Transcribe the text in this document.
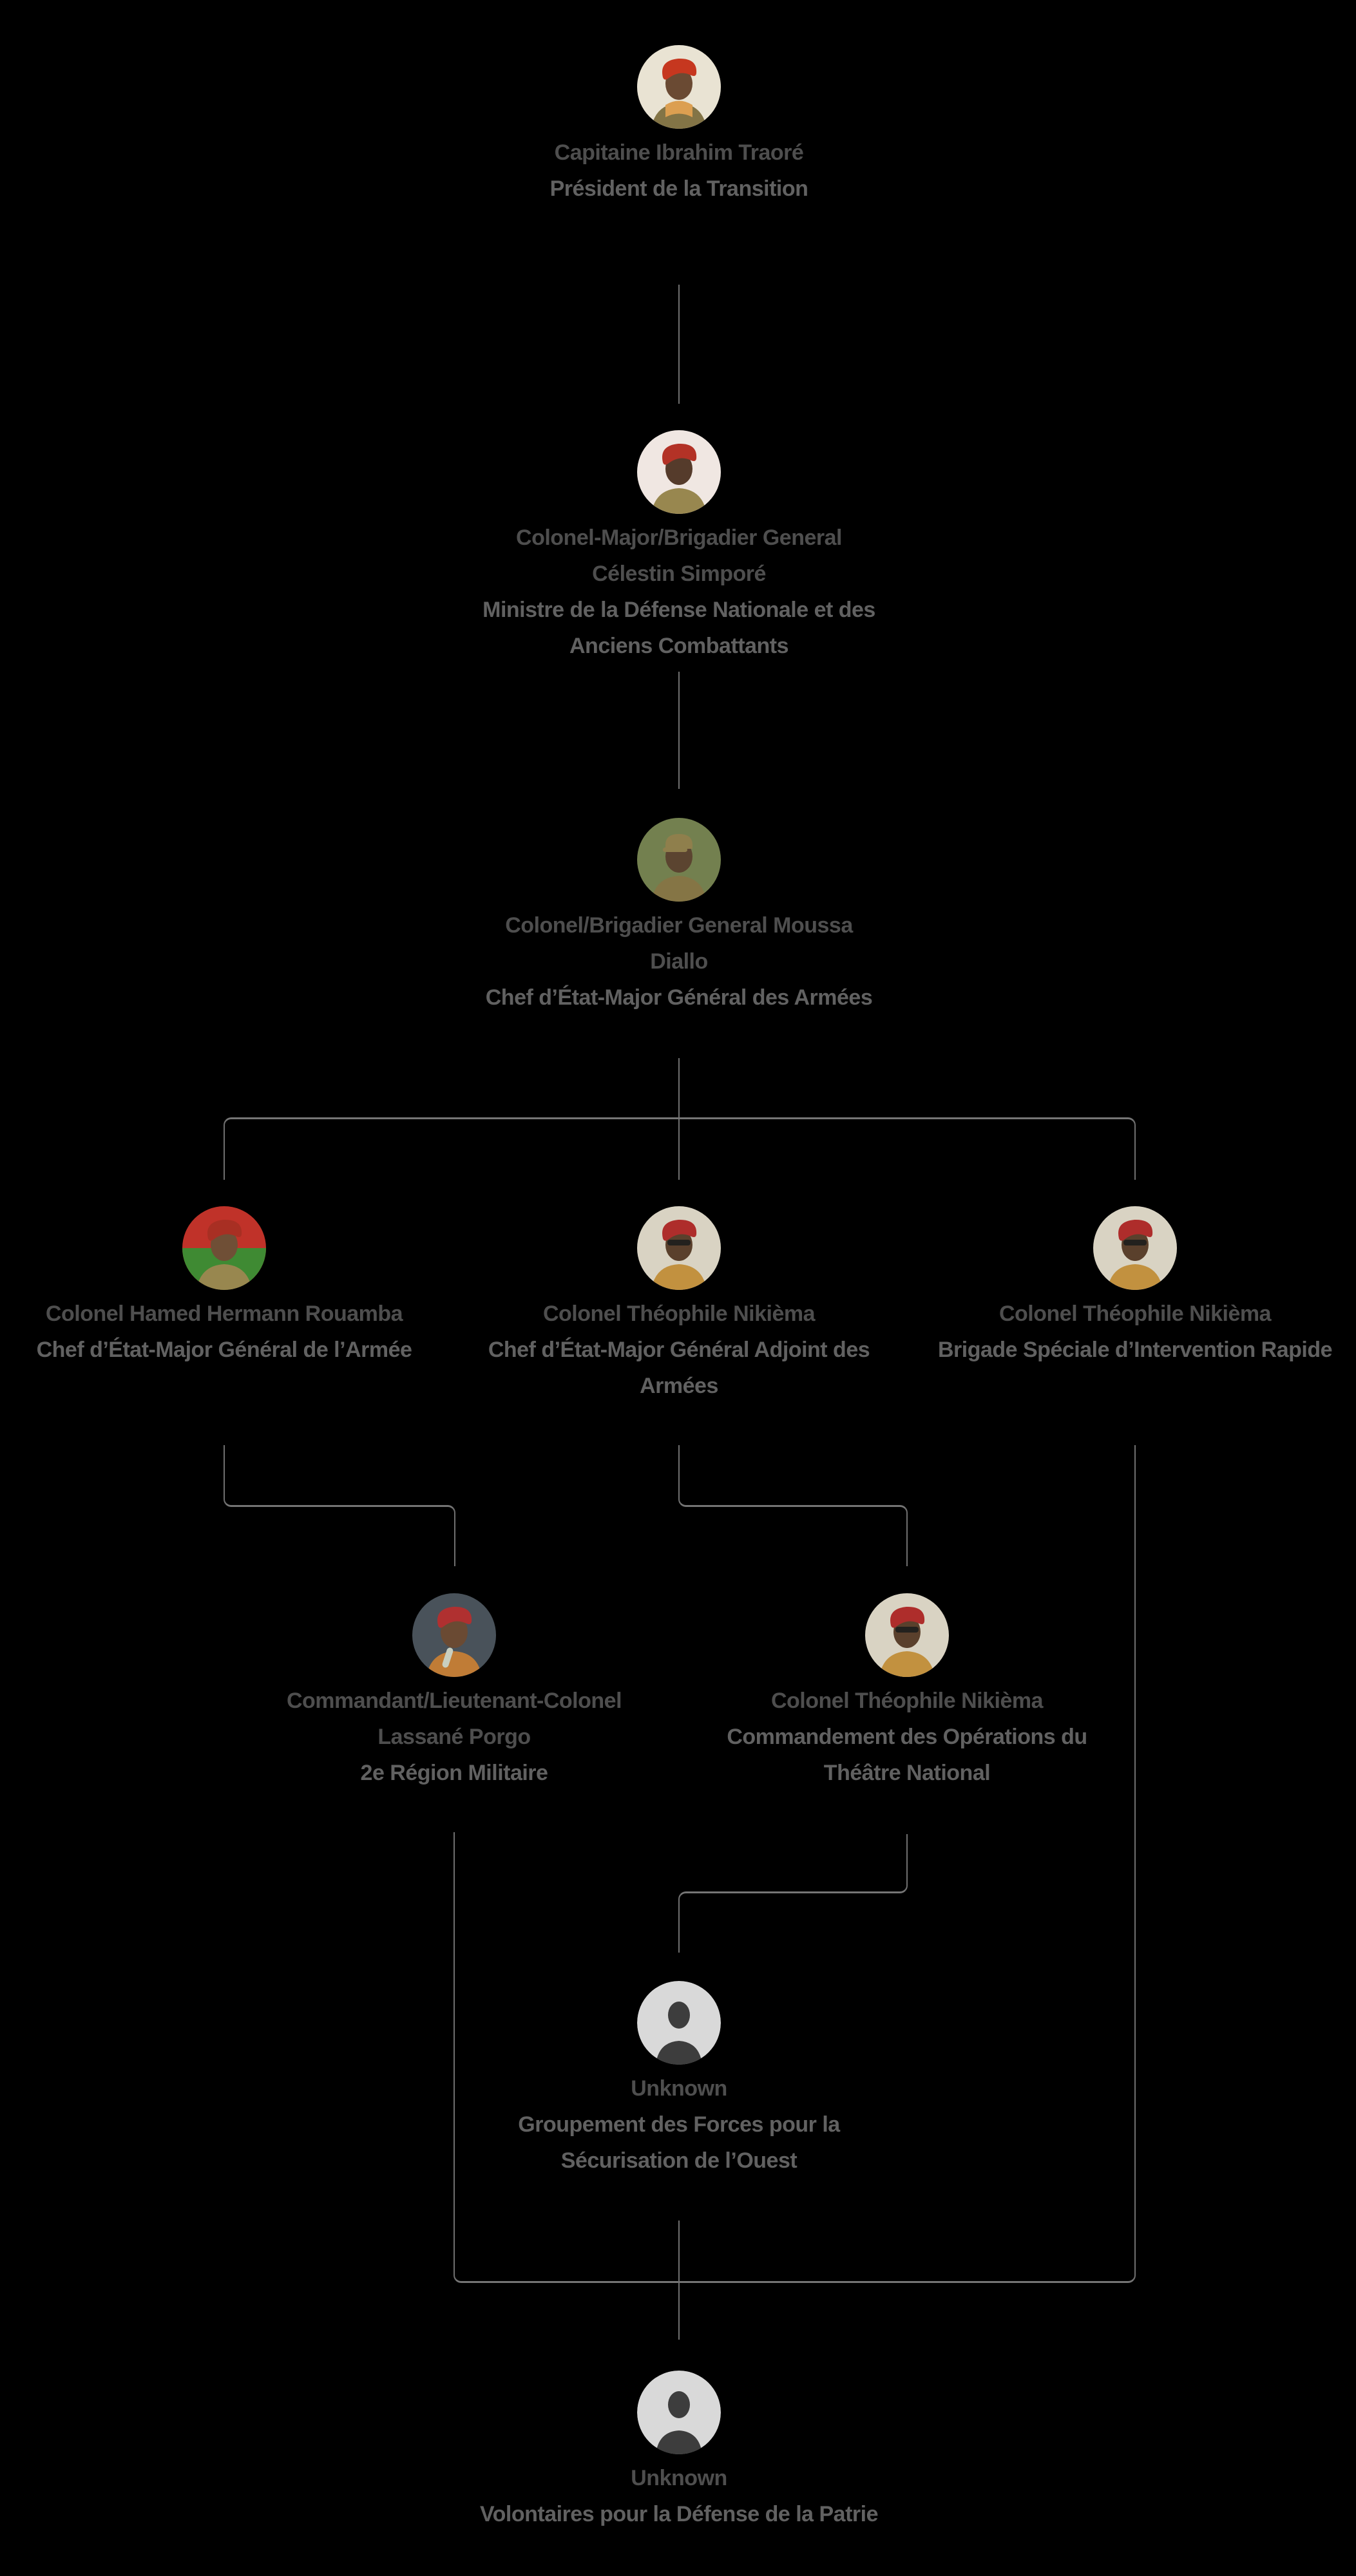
Capitaine Ibrahim Traoré
Président de la Transition
Colonel-Major/Brigadier General
Célestin Simporé
Ministre de la Défense Nationale et des
Anciens Combattants
Colonel/Brigadier General Moussa
Diallo
Chef d’État-Major Général des Armées
Colonel Hamed Hermann Rouamba
Chef d’État-Major Général de l’Armée
Colonel Théophile Nikièma
Chef d’État-Major Général Adjoint des
Armées
Colonel Théophile Nikièma
Brigade Spéciale d’Intervention Rapide
Commandant/Lieutenant-Colonel
Lassané Porgo
2e Région Militaire
Colonel Théophile Nikièma
Commandement des Opérations du
Théâtre National
Unknown
Groupement des Forces pour la
Sécurisation de l’Ouest
Unknown
Volontaires pour la Défense de la Patrie
